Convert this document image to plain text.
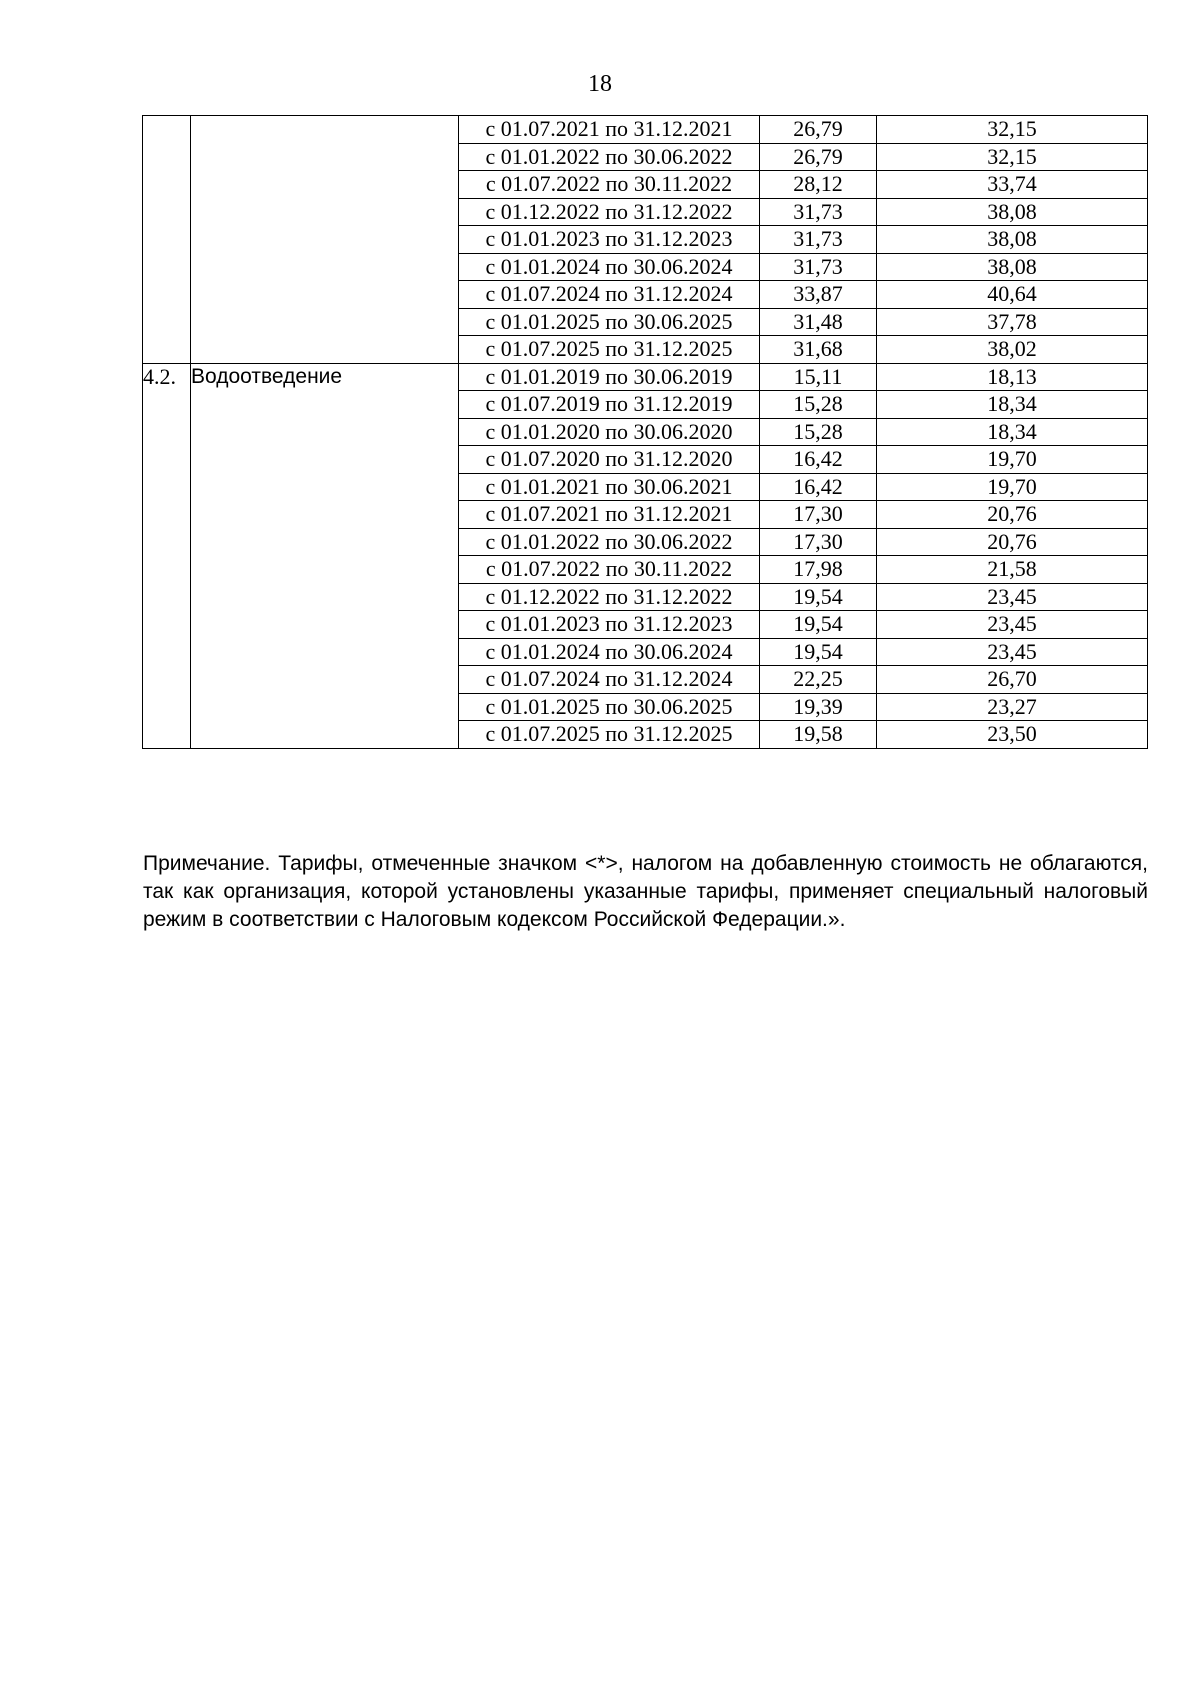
18
		с 01.07.2021 по 31.12.2021	26,79	32,15
		с 01.01.2022 по 30.06.2022	26,79	32,15
		с 01.07.2022 по 30.11.2022	28,12	33,74
		с 01.12.2022 по 31.12.2022	31,73	38,08
		с 01.01.2023 по 31.12.2023	31,73	38,08
		с 01.01.2024 по 30.06.2024	31,73	38,08
		с 01.07.2024 по 31.12.2024	33,87	40,64
		с 01.01.2025 по 30.06.2025	31,48	37,78
		с 01.07.2025 по 31.12.2025	31,68	38,02
4.2.	Водоотведение	с 01.01.2019 по 30.06.2019	15,11	18,13
		с 01.07.2019 по 31.12.2019	15,28	18,34
		с 01.01.2020 по 30.06.2020	15,28	18,34
		с 01.07.2020 по 31.12.2020	16,42	19,70
		с 01.01.2021 по 30.06.2021	16,42	19,70
		с 01.07.2021 по 31.12.2021	17,30	20,76
		с 01.01.2022 по 30.06.2022	17,30	20,76
		с 01.07.2022 по 30.11.2022	17,98	21,58
		с 01.12.2022 по 31.12.2022	19,54	23,45
		с 01.01.2023 по 31.12.2023	19,54	23,45
		с 01.01.2024 по 30.06.2024	19,54	23,45
		с 01.07.2024 по 31.12.2024	22,25	26,70
		с 01.01.2025 по 30.06.2025	19,39	23,27
		с 01.07.2025 по 31.12.2025	19,58	23,50

Примечание. Тарифы, отмеченные значком <*>, налогом на добавленную стоимость не облагаются, так как организация, которой установлены указанные тарифы, применяет специальный налоговый режим в соответствии с Налоговым кодексом Российской Федерации.».
